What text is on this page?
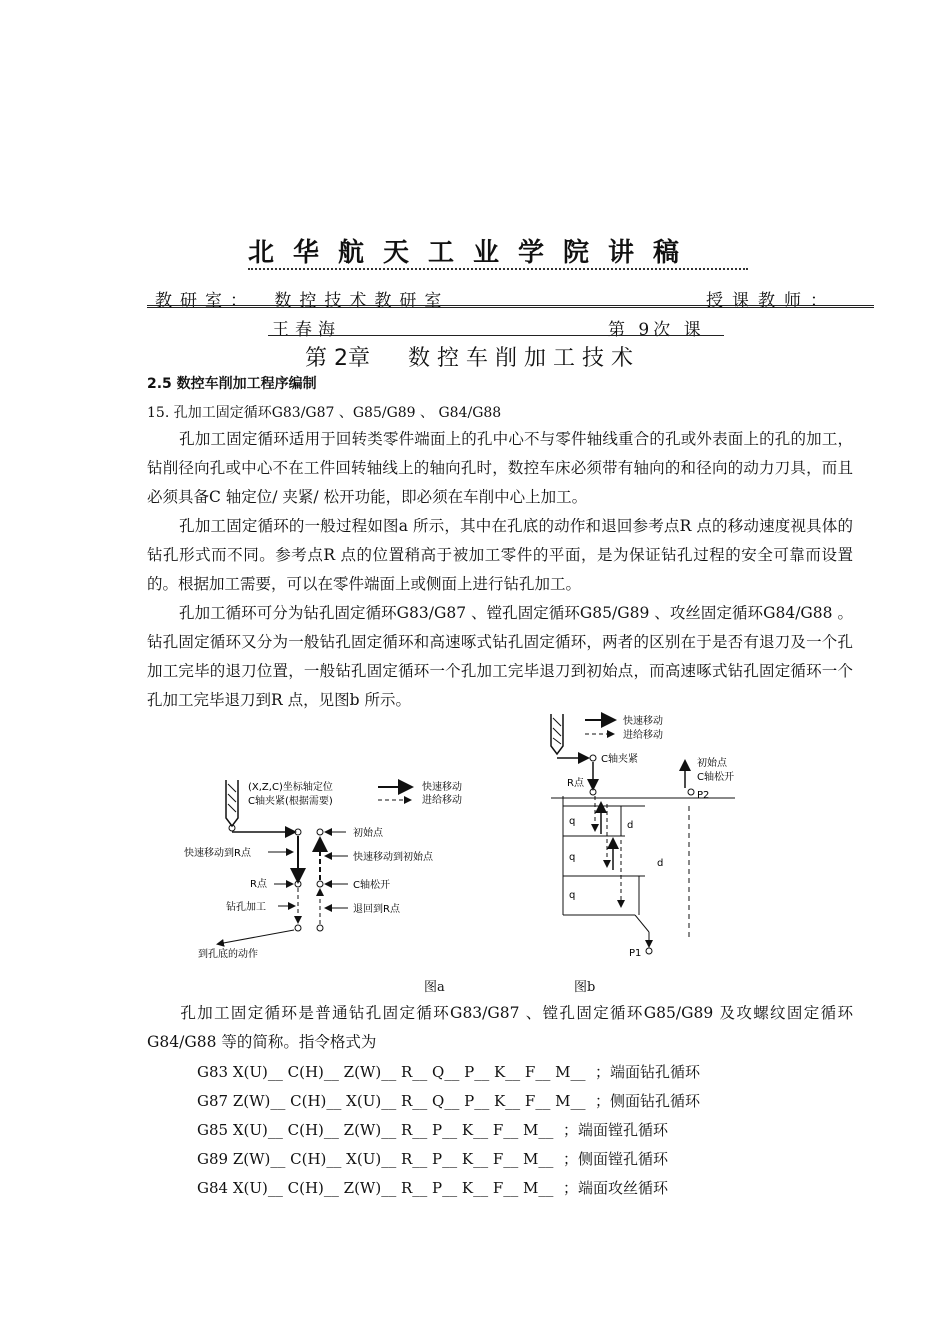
北华航天工业学院讲稿
教研室： 数控技术教研室	授课教师：
王春海	第 9次 课
第 2章 数控车削加工技术
2.5 数控车削加工程序编制
15. 孔加工固定循环G83/G87 、G85/G89 、 G84/G88
孔加工固定循环适用于回转类零件端面上的孔中心不与零件轴线重合的孔或外表面上的孔的加工，钻削径向孔或中心不在工件回转轴线上的轴向孔时，数控车床必须带有轴向的和径向的动力刀具，而且必须具备C 轴定位/ 夹紧/ 松开功能，即必须在车削中心上加工。
孔加工固定循环的一般过程如图a 所示，其中在孔底的动作和退回参考点R 点的移动速度视具体的钻孔形式而不同。参考点R 点的位置稍高于被加工零件的平面，是为保证钻孔过程的安全可靠而设置的。根据加工需要，可以在零件端面上或侧面上进行钻孔加工。
孔加工循环可分为钻孔固定循环G83/G87 、镗孔固定循环G85/G89 、攻丝固定循环G84/G88 。钻孔固定循环又分为一般钻孔固定循环和高速啄式钻孔固定循环，两者的区别在于是否有退刀及一个孔加工完毕的退刀位置，一般钻孔固定循环一个孔加工完毕退刀到初始点，而高速啄式钻孔固定循环一个孔加工完毕退刀到R 点，见图b 所示。
(X,Z,C)坐标轴定位
C轴夹紧(根据需要)
快速移动
进给移动
初始点
快速移动到R点
R点
钻孔加工
到孔底的动作
快速移动到初始点
C轴松开
退回到R点
快速移动
进给移动
C轴夹紧	初始点
C轴松开
R点
P2
q
q
q
d
d
P1
图a	图b
孔加工固定循环是普通钻孔固定循环G83/G87 、镗孔固定循环G85/G89 及攻螺纹固定循环G84/G88 等的简称。指令格式为
G83 X(U)__ C(H)__ Z(W)__ R__ Q__ P__ K__ F__ M__ ；端面钻孔循环
G87 Z(W)__ C(H)__ X(U)__ R__ Q__ P__ K__ F__ M__ ；侧面钻孔循环
G85 X(U)__ C(H)__ Z(W)__ R__ P__ K__ F__ M__ ；端面镗孔循环
G89 Z(W)__ C(H)__ X(U)__ R__ P__ K__ F__ M__ ；侧面镗孔循环
G84 X(U)__ C(H)__ Z(W)__ R__ P__ K__ F__ M__ ；端面攻丝循环
